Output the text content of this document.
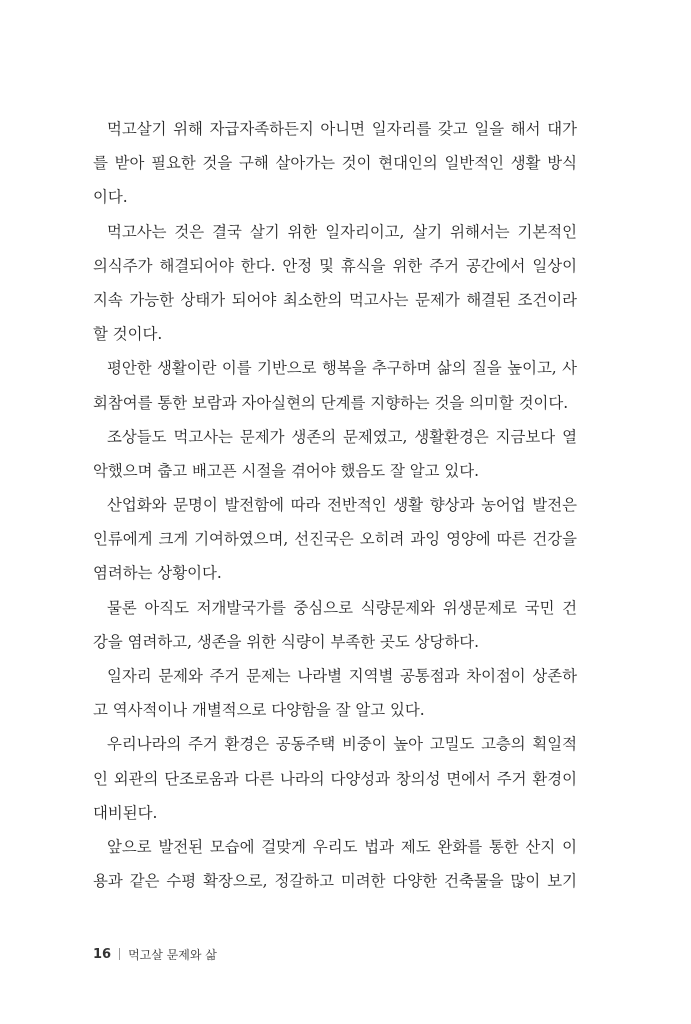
먹고살기 위해 자급자족하든지 아니면 일자리를 갖고 일을 해서 대가
를 받아 필요한 것을 구해 살아가는 것이 현대인의 일반적인 생활 방식
이다.
먹고사는 것은 결국 살기 위한 일자리이고, 살기 위해서는 기본적인
의식주가 해결되어야 한다. 안정 및 휴식을 위한 주거 공간에서 일상이
지속 가능한 상태가 되어야 최소한의 먹고사는 문제가 해결된 조건이라
할 것이다.
평안한 생활이란 이를 기반으로 행복을 추구하며 삶의 질을 높이고, 사
회참여를 통한 보람과 자아실현의 단계를 지향하는 것을 의미할 것이다.
조상들도 먹고사는 문제가 생존의 문제였고, 생활환경은 지금보다 열
악했으며 춥고 배고픈 시절을 겪어야 했음도 잘 알고 있다.
산업화와 문명이 발전함에 따라 전반적인 생활 향상과 농어업 발전은
인류에게 크게 기여하였으며, 선진국은 오히려 과잉 영양에 따른 건강을
염려하는 상황이다.
물론 아직도 저개발국가를 중심으로 식량문제와 위생문제로 국민 건
강을 염려하고, 생존을 위한 식량이 부족한 곳도 상당하다.
일자리 문제와 주거 문제는 나라별 지역별 공통점과 차이점이 상존하
고 역사적이나 개별적으로 다양함을 잘 알고 있다.
우리나라의 주거 환경은 공동주택 비중이 높아 고밀도 고층의 획일적
인 외관의 단조로움과 다른 나라의 다양성과 창의성 면에서 주거 환경이
대비된다.
앞으로 발전된 모습에 걸맞게 우리도 법과 제도 완화를 통한 산지 이
용과 같은 수평 확장으로, 정갈하고 미려한 다양한 건축물을 많이 보기
16 먹고살 문제와 삶
